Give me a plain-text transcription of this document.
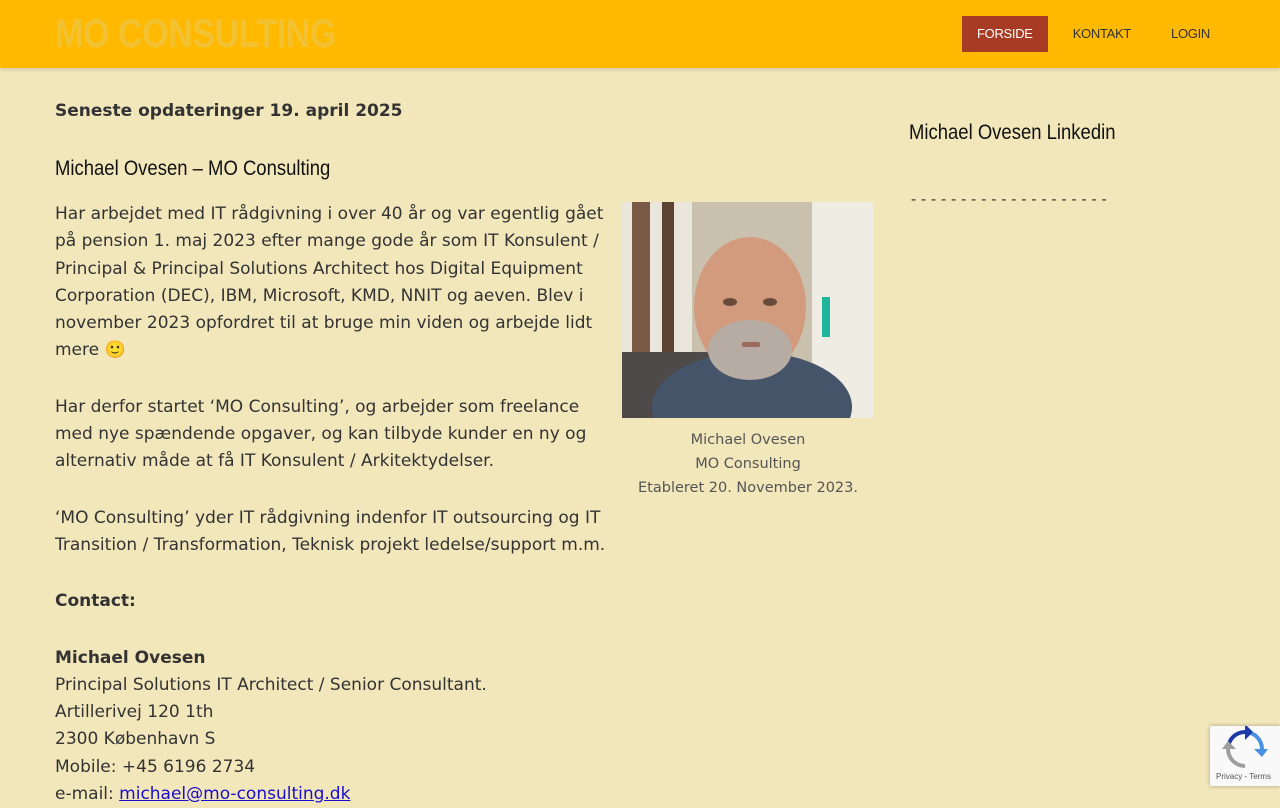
MO CONSULTING	FORSIDE	KONTAKT	LOGIN
Seneste opdateringer 19. april 2025
Michael Ovesen – MO Consulting

Har arbejdet med IT rådgivning i over 40 år og var egentlig gået på pension 1. maj 2023 efter mange gode år som IT Konsulent / Principal & Principal Solutions Architect hos Digital Equipment Corporation (DEC), IBM, Microsoft, KMD, NNIT og aeven. Blev i november 2023 opfordret til at bruge min viden og arbejde lidt mere 🙂

Har derfor startet ‘MO Consulting’, og arbejder som freelance med nye spændende opgaver, og kan tilbyde kunder en ny og alternativ måde at få IT Konsulent / Arkitektydelser.

‘MO Consulting’ yder IT rådgivning indenfor IT outsourcing og IT Transition / Transformation, Teknisk projekt ledelse/support m.m.

Contact:

Michael Ovesen
Principal Solutions IT Architect / Senior Consultant.
Artillerivej 120 1th
2300 København S
Mobile: +45 6196 2734
e-mail: michael@mo-consulting.dk
Michael Ovesen
MO Consulting
Etableret 20. November 2023.
Michael Ovesen Linkedin
--------------------
Privacy - Terms
